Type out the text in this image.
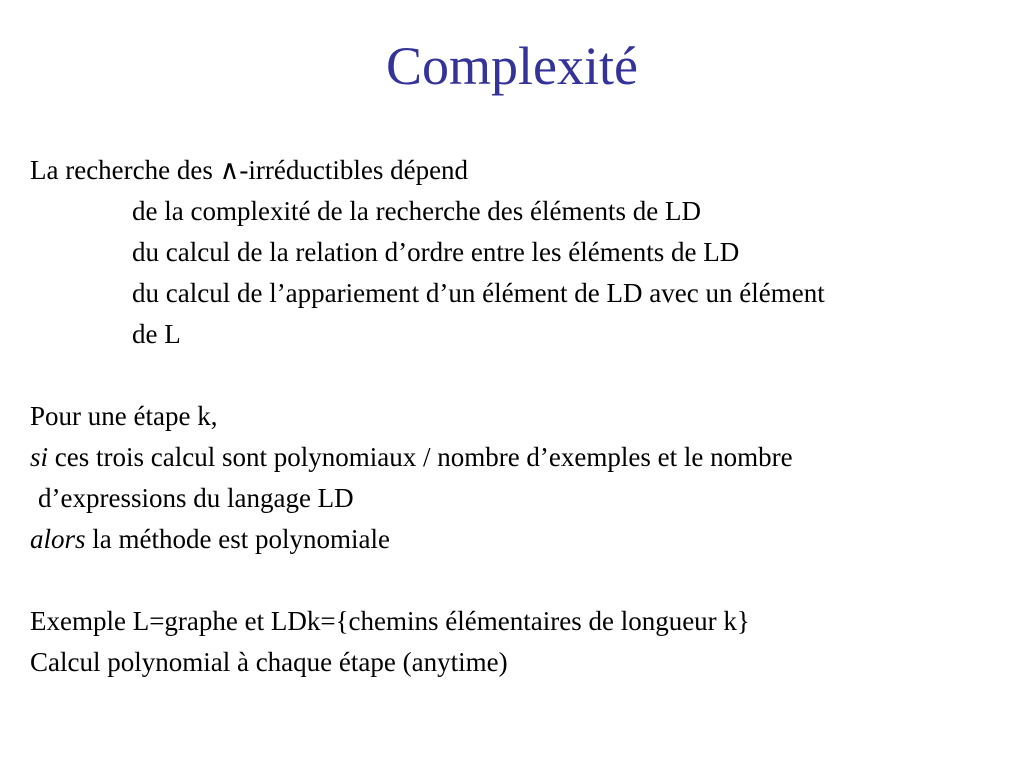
Complexité
La recherche des ∧-irréductibles dépend
de la complexité de la recherche des éléments de LD
du calcul de la relation d’ordre entre les éléments de LD
du calcul de l’appariement d’un élément de LD avec un élément
de L
Pour une étape k,
si ces trois calcul sont polynomiaux / nombre d’exemples et le nombre
d’expressions du langage LD
alors la méthode est polynomiale
Exemple L=graphe et LDk={chemins élémentaires de longueur k}
Calcul polynomial à chaque étape (anytime)
